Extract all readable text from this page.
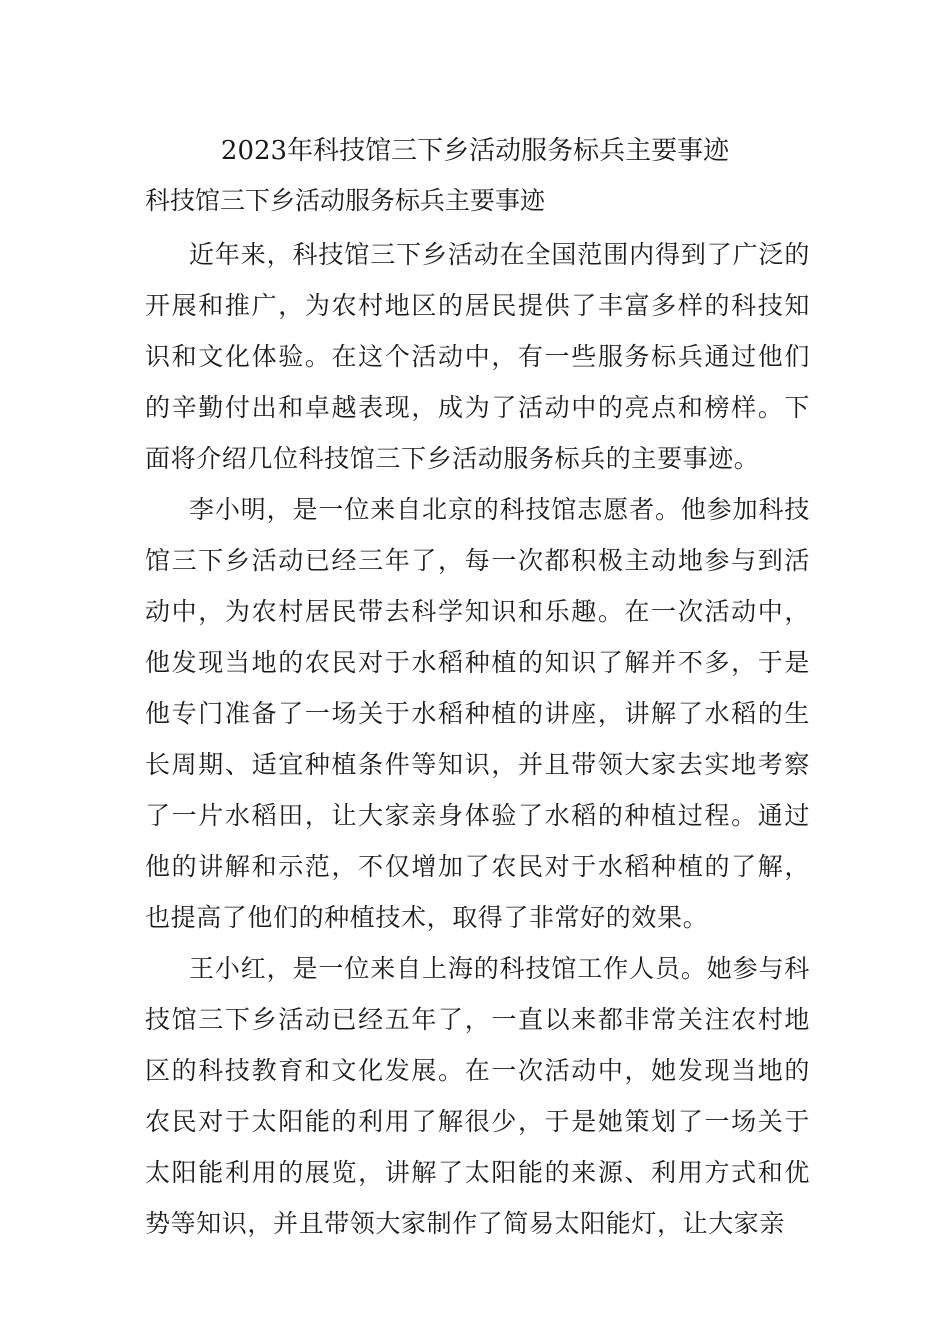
2023年科技馆三下乡活动服务标兵主要事迹

科技馆三下乡活动服务标兵主要事迹

近年来，科技馆三下乡活动在全国范围内得到了广泛的开展和推广，为农村地区的居民提供了丰富多样的科技知识和文化体验。在这个活动中，有一些服务标兵通过他们的辛勤付出和卓越表现，成为了活动中的亮点和榜样。下面将介绍几位科技馆三下乡活动服务标兵的主要事迹。

李小明，是一位来自北京的科技馆志愿者。他参加科技馆三下乡活动已经三年了，每一次都积极主动地参与到活动中，为农村居民带去科学知识和乐趣。在一次活动中，他发现当地的农民对于水稻种植的知识了解并不多，于是他专门准备了一场关于水稻种植的讲座，讲解了水稻的生长周期、适宜种植条件等知识，并且带领大家去实地考察了一片水稻田，让大家亲身体验了水稻的种植过程。通过他的讲解和示范，不仅增加了农民对于水稻种植的了解，也提高了他们的种植技术，取得了非常好的效果。

王小红，是一位来自上海的科技馆工作人员。她参与科技馆三下乡活动已经五年了，一直以来都非常关注农村地区的科技教育和文化发展。在一次活动中，她发现当地的农民对于太阳能的利用了解很少，于是她策划了一场关于太阳能利用的展览，讲解了太阳能的来源、利用方式和优势等知识，并且带领大家制作了简易太阳能灯，让大家亲
